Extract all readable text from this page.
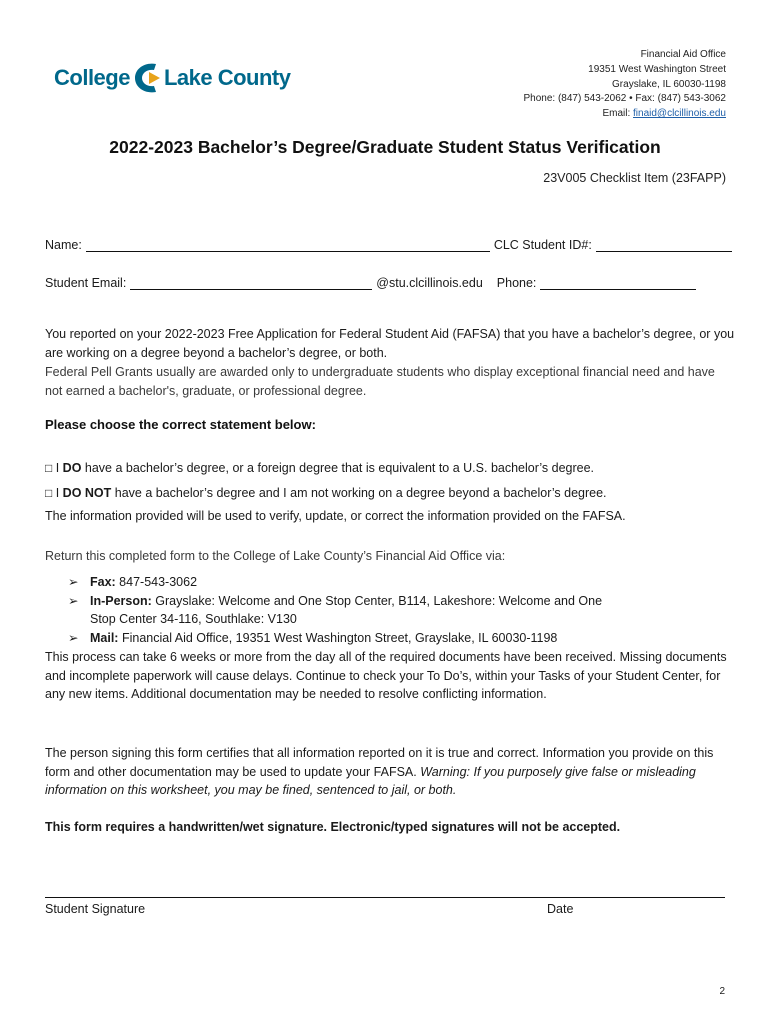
College Lake County
Financial Aid Office
19351 West Washington Street
Grayslake, IL 60030-1198
Phone: (847) 543-2062 • Fax: (847) 543-3062
Email: finaid@clcillinois.edu
2022-2023 Bachelor’s Degree/Graduate Student Status Verification
23V005 Checklist Item (23FAPP)
Name:	CLC Student ID#:
Student Email:	@stu.clcillinois.edu Phone:
You reported on your 2022-2023 Free Application for Federal Student Aid (FAFSA) that you have a bachelor’s degree, or you are working on a degree beyond a bachelor’s degree, or both.
Federal Pell Grants usually are awarded only to undergraduate students who display exceptional financial need and have not earned a bachelor's, graduate, or professional degree.
Please choose the correct statement below:
□ I DO have a bachelor’s degree, or a foreign degree that is equivalent to a U.S. bachelor’s degree.
□ I DO NOT have a bachelor’s degree and I am not working on a degree beyond a bachelor’s degree.
The information provided will be used to verify, update, or correct the information provided on the FAFSA.
Return this completed form to the College of Lake County’s Financial Aid Office via:
➢ Fax: 847-543-3062
➢ In-Person: Grayslake: Welcome and One Stop Center, B114, Lakeshore: Welcome and One
Stop Center 34-116, Southlake: V130
➢ Mail: Financial Aid Office, 19351 West Washington Street, Grayslake, IL 60030-1198
This process can take 6 weeks or more from the day all of the required documents have been received. Missing documents and incomplete paperwork will cause delays. Continue to check your To Do’s, within your Tasks of your Student Center, for any new items. Additional documentation may be needed to resolve conflicting information.
The person signing this form certifies that all information reported on it is true and correct. Information you provide on this form and other documentation may be used to update your FAFSA. Warning: If you purposely give false or misleading information on this worksheet, you may be fined, sentenced to jail, or both.
This form requires a handwritten/wet signature. Electronic/typed signatures will not be accepted.
Student Signature	Date
2
